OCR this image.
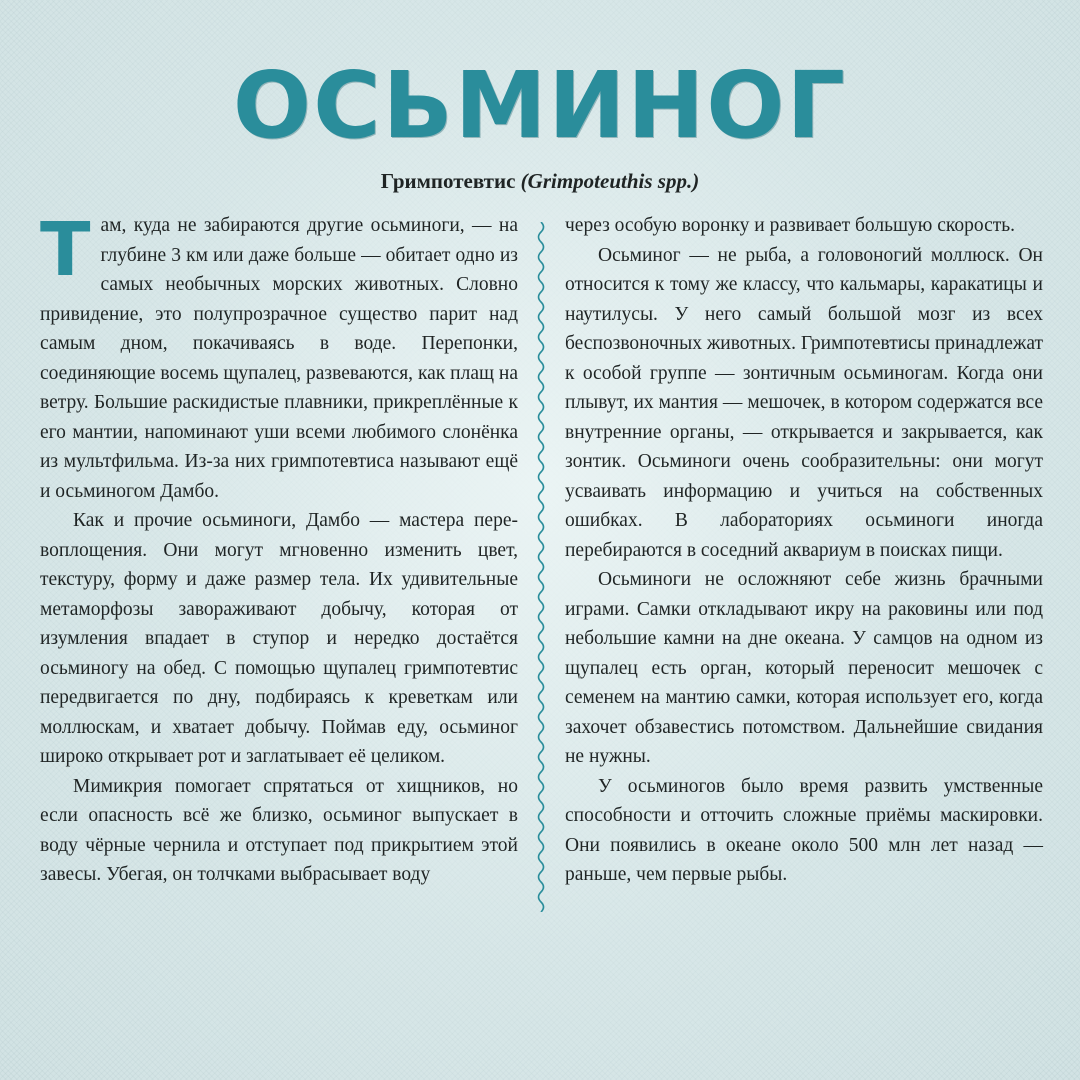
ОСЬМИНОГ
Гримпотевтис (Grimpoteuthis spp.)

Там, куда не забираются другие осьминоги, — на глубине 3 км или даже больше — обитает одно из самых необычных морских животных. Словно привидение, это полупрозрачное существо парит над самым дном, покачиваясь в воде. Перепонки, соединяющие восемь щупалец, развеваются, как плащ на ветру. Большие раскидистые плавники, прикреплённые к его мантии, напоминают уши всеми любимого слонёнка из мультфильма. Из-за них гримпотевтиса называют ещё и осьминогом Дамбо.

Как и прочие осьминоги, Дамбо — мастера перевоплощения. Они могут мгновенно изменить цвет, текстуру, форму и даже размер тела. Их удивительные метаморфозы завораживают добычу, которая от изумления впадает в ступор и нередко достаётся осьминогу на обед. С помощью щупалец гримпотевтис передвигается по дну, подбираясь к креветкам или моллюскам, и хватает добычу. Поймав еду, осьминог широко открывает рот и заглатывает её целиком.

Мимикрия помогает спрятаться от хищников, но если опасность всё же близко, осьминог выпускает в воду чёрные чернила и отступает под прикрытием этой завесы. Убегая, он толчками выбрасывает воду

через особую воронку и развивает большую скорость.

Осьминог — не рыба, а головоногий моллюск. Он относится к тому же классу, что кальмары, каракатицы и наутилусы. У него самый большой мозг из всех беспозвоночных животных. Гримпотевтисы принадлежат к особой группе — зонтичным осьминогам. Когда они плывут, их мантия — мешочек, в котором содержатся все внутренние органы, — открывается и закрывается, как зонтик. Осьминоги очень сообразительны: они могут усваивать информацию и учиться на собственных ошибках. В лабораториях осьминоги иногда перебираются в соседний аквариум в поисках пищи.

Осьминоги не осложняют себе жизнь брачными играми. Самки откладывают икру на раковины или под небольшие камни на дне океана. У самцов на одном из щупалец есть орган, который переносит мешочек с семенем на мантию самки, которая использует его, когда захочет обзавестись потомством. Дальнейшие свидания не нужны.

У осьминогов было время развить умственные способности и отточить сложные приёмы маскировки. Они появились в океане около 500 млн лет назад — раньше, чем первые рыбы.
